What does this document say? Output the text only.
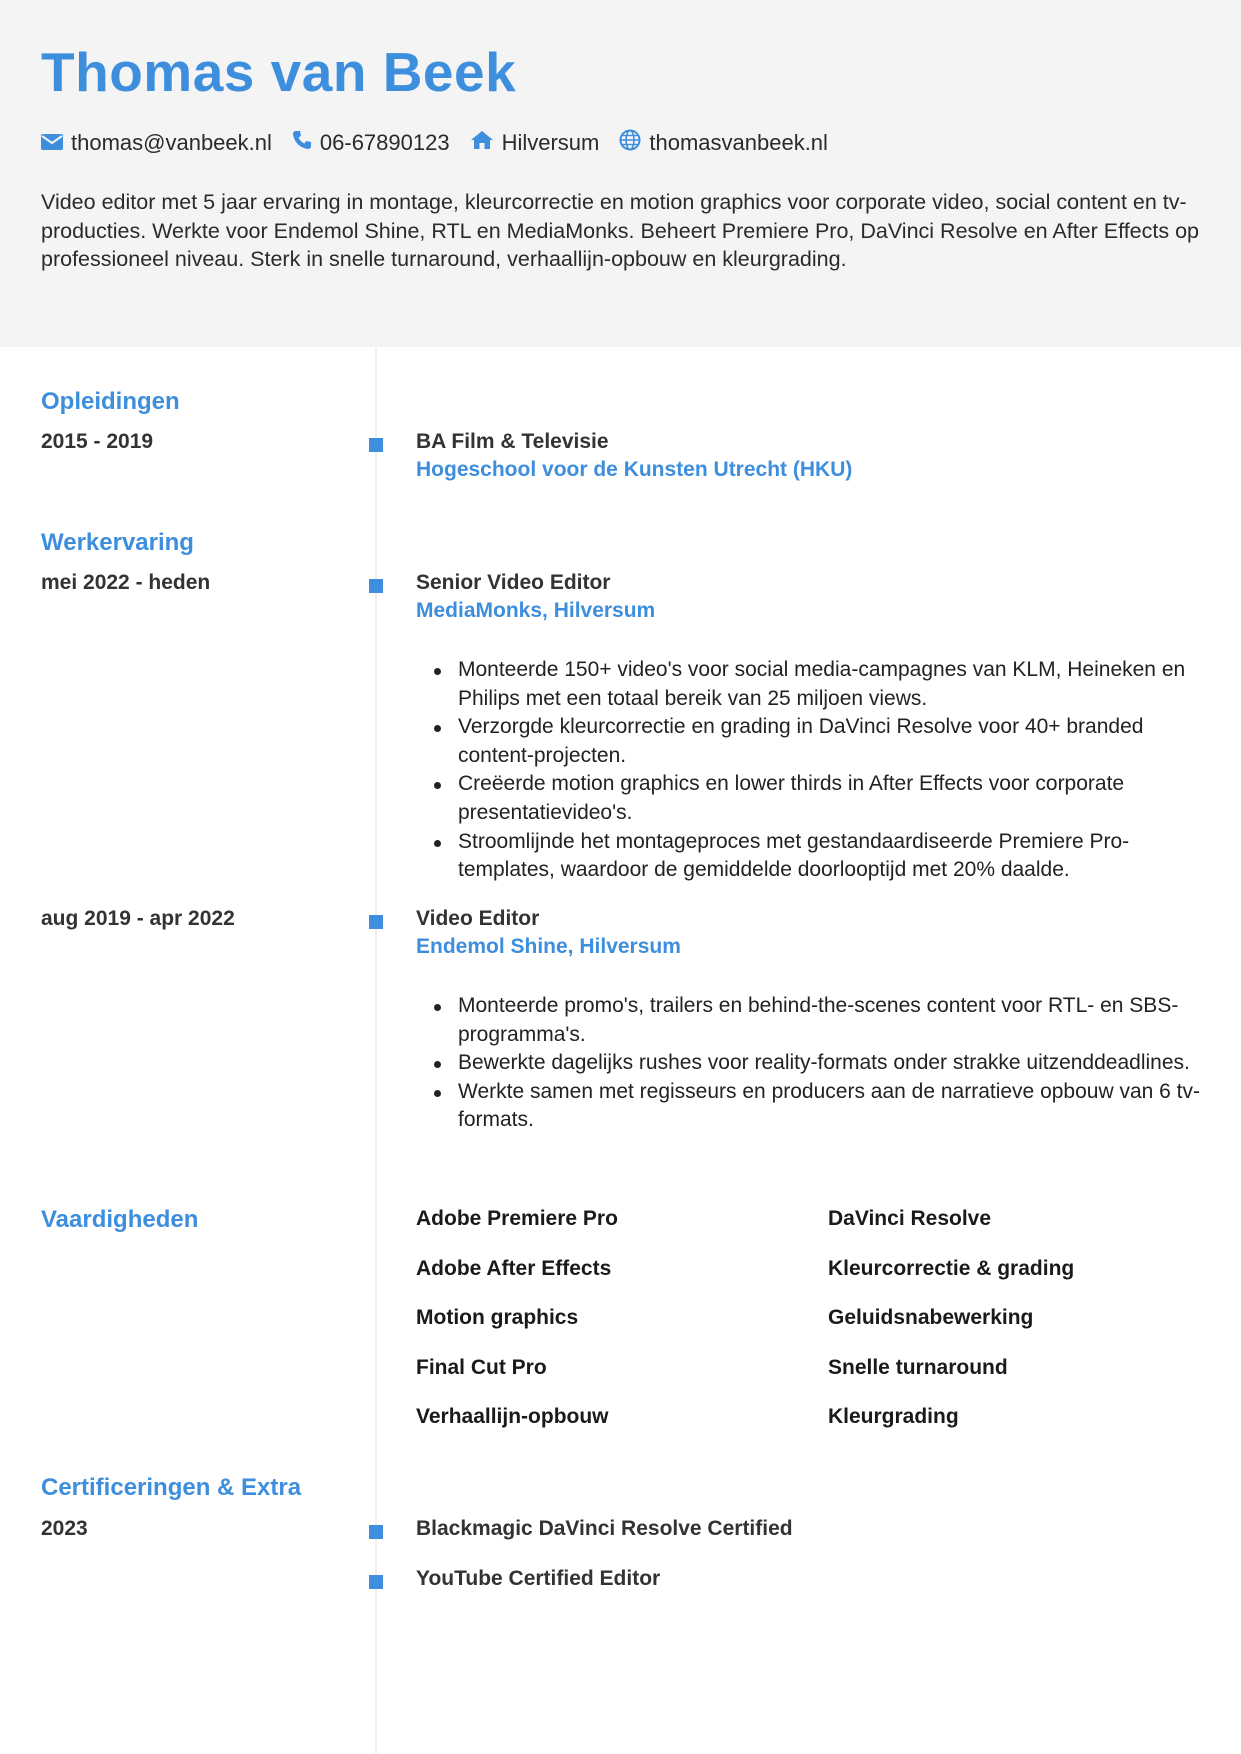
Thomas van Beek
thomas@vanbeek.nl 06-67890123 Hilversum thomasvanbeek.nl
Video editor met 5 jaar ervaring in montage, kleurcorrectie en motion graphics voor corporate video, social content en tv-producties. Werkte voor Endemol Shine, RTL en MediaMonks. Beheert Premiere Pro, DaVinci Resolve en After Effects op professioneel niveau. Sterk in snelle turnaround, verhaallijn-opbouw en kleurgrading.
Opleidingen
2015 - 2019	BA Film & Televisie
Hogeschool voor de Kunsten Utrecht (HKU)
Werkervaring
mei 2022 - heden	Senior Video Editor
MediaMonks, Hilversum
Monteerde 150+ video's voor social media-campagnes van KLM, Heineken en Philips met een totaal bereik van 25 miljoen views.
Verzorgde kleurcorrectie en grading in DaVinci Resolve voor 40+ branded content-projecten.
Creëerde motion graphics en lower thirds in After Effects voor corporate presentatievideo's.
Stroomlijnde het montageproces met gestandaardiseerde Premiere Pro-templates, waardoor de gemiddelde doorlooptijd met 20% daalde.
aug 2019 - apr 2022	Video Editor
Endemol Shine, Hilversum
Monteerde promo's, trailers en behind-the-scenes content voor RTL- en SBS-programma's.
Bewerkte dagelijks rushes voor reality-formats onder strakke uitzenddeadlines.
Werkte samen met regisseurs en producers aan de narratieve opbouw van 6 tv-formats.
Vaardigheden	Adobe Premiere Pro	DaVinci Resolve
Adobe After Effects	Kleurcorrectie & grading
Motion graphics	Geluidsnabewerking
Final Cut Pro	Snelle turnaround
Verhaallijn-opbouw	Kleurgrading
Certificeringen & Extra
2023	Blackmagic DaVinci Resolve Certified
YouTube Certified Editor
